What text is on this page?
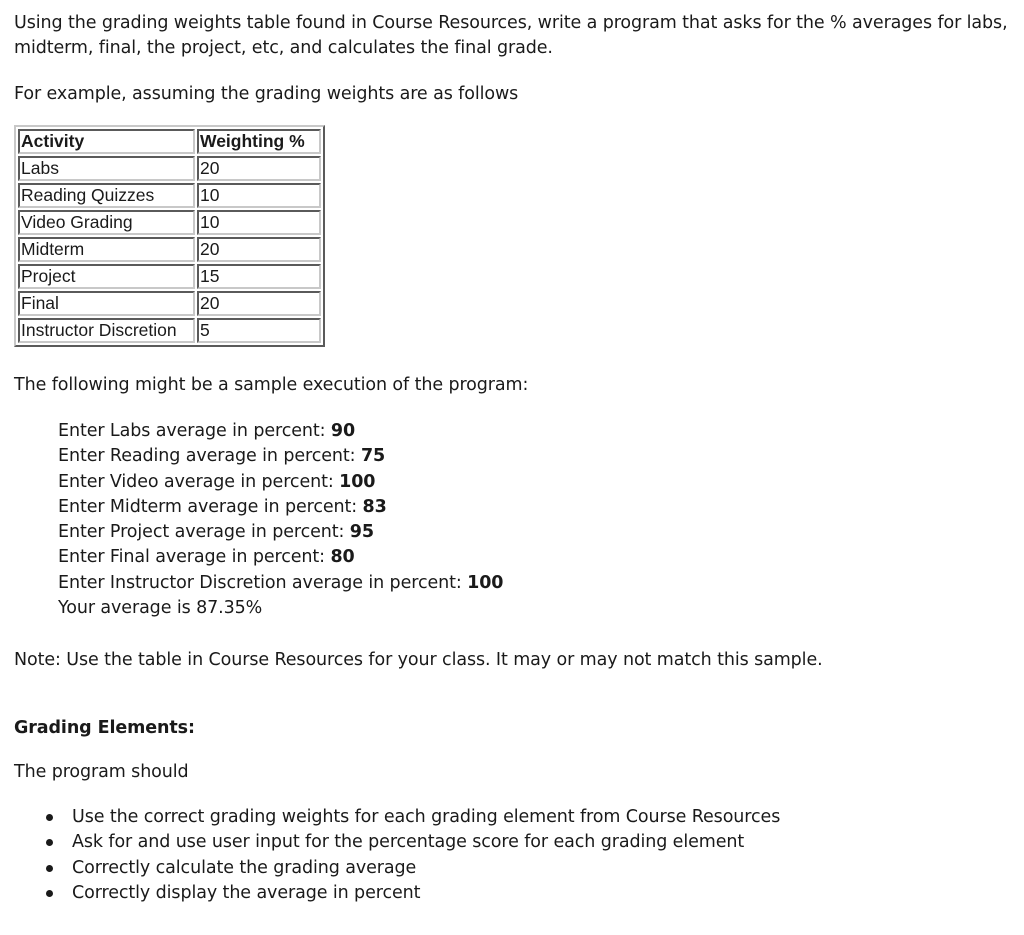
Using the grading weights table found in Course Resources, write a program that asks for the % averages for labs, midterm, final, the project, etc, and calculates the final grade.

For example, assuming the grading weights are as follows

Activity	Weighting %
Labs	20
Reading Quizzes	10
Video Grading	10
Midterm	20
Project	15
Final	20
Instructor Discretion	5

The following might be a sample execution of the program:

Enter Labs average in percent: 90

Enter Reading average in percent: 75

Enter Video average in percent: 100

Enter Midterm average in percent: 83

Enter Project average in percent: 95

Enter Final average in percent: 80

Enter Instructor Discretion average in percent: 100

Your average is 87.35%

Note: Use the table in Course Resources for your class. It may or may not match this sample.

Grading Elements:

The program should

Use the correct grading weights for each grading element from Course Resources
Ask for and use user input for the percentage score for each grading element
Correctly calculate the grading average
Correctly display the average in percent
